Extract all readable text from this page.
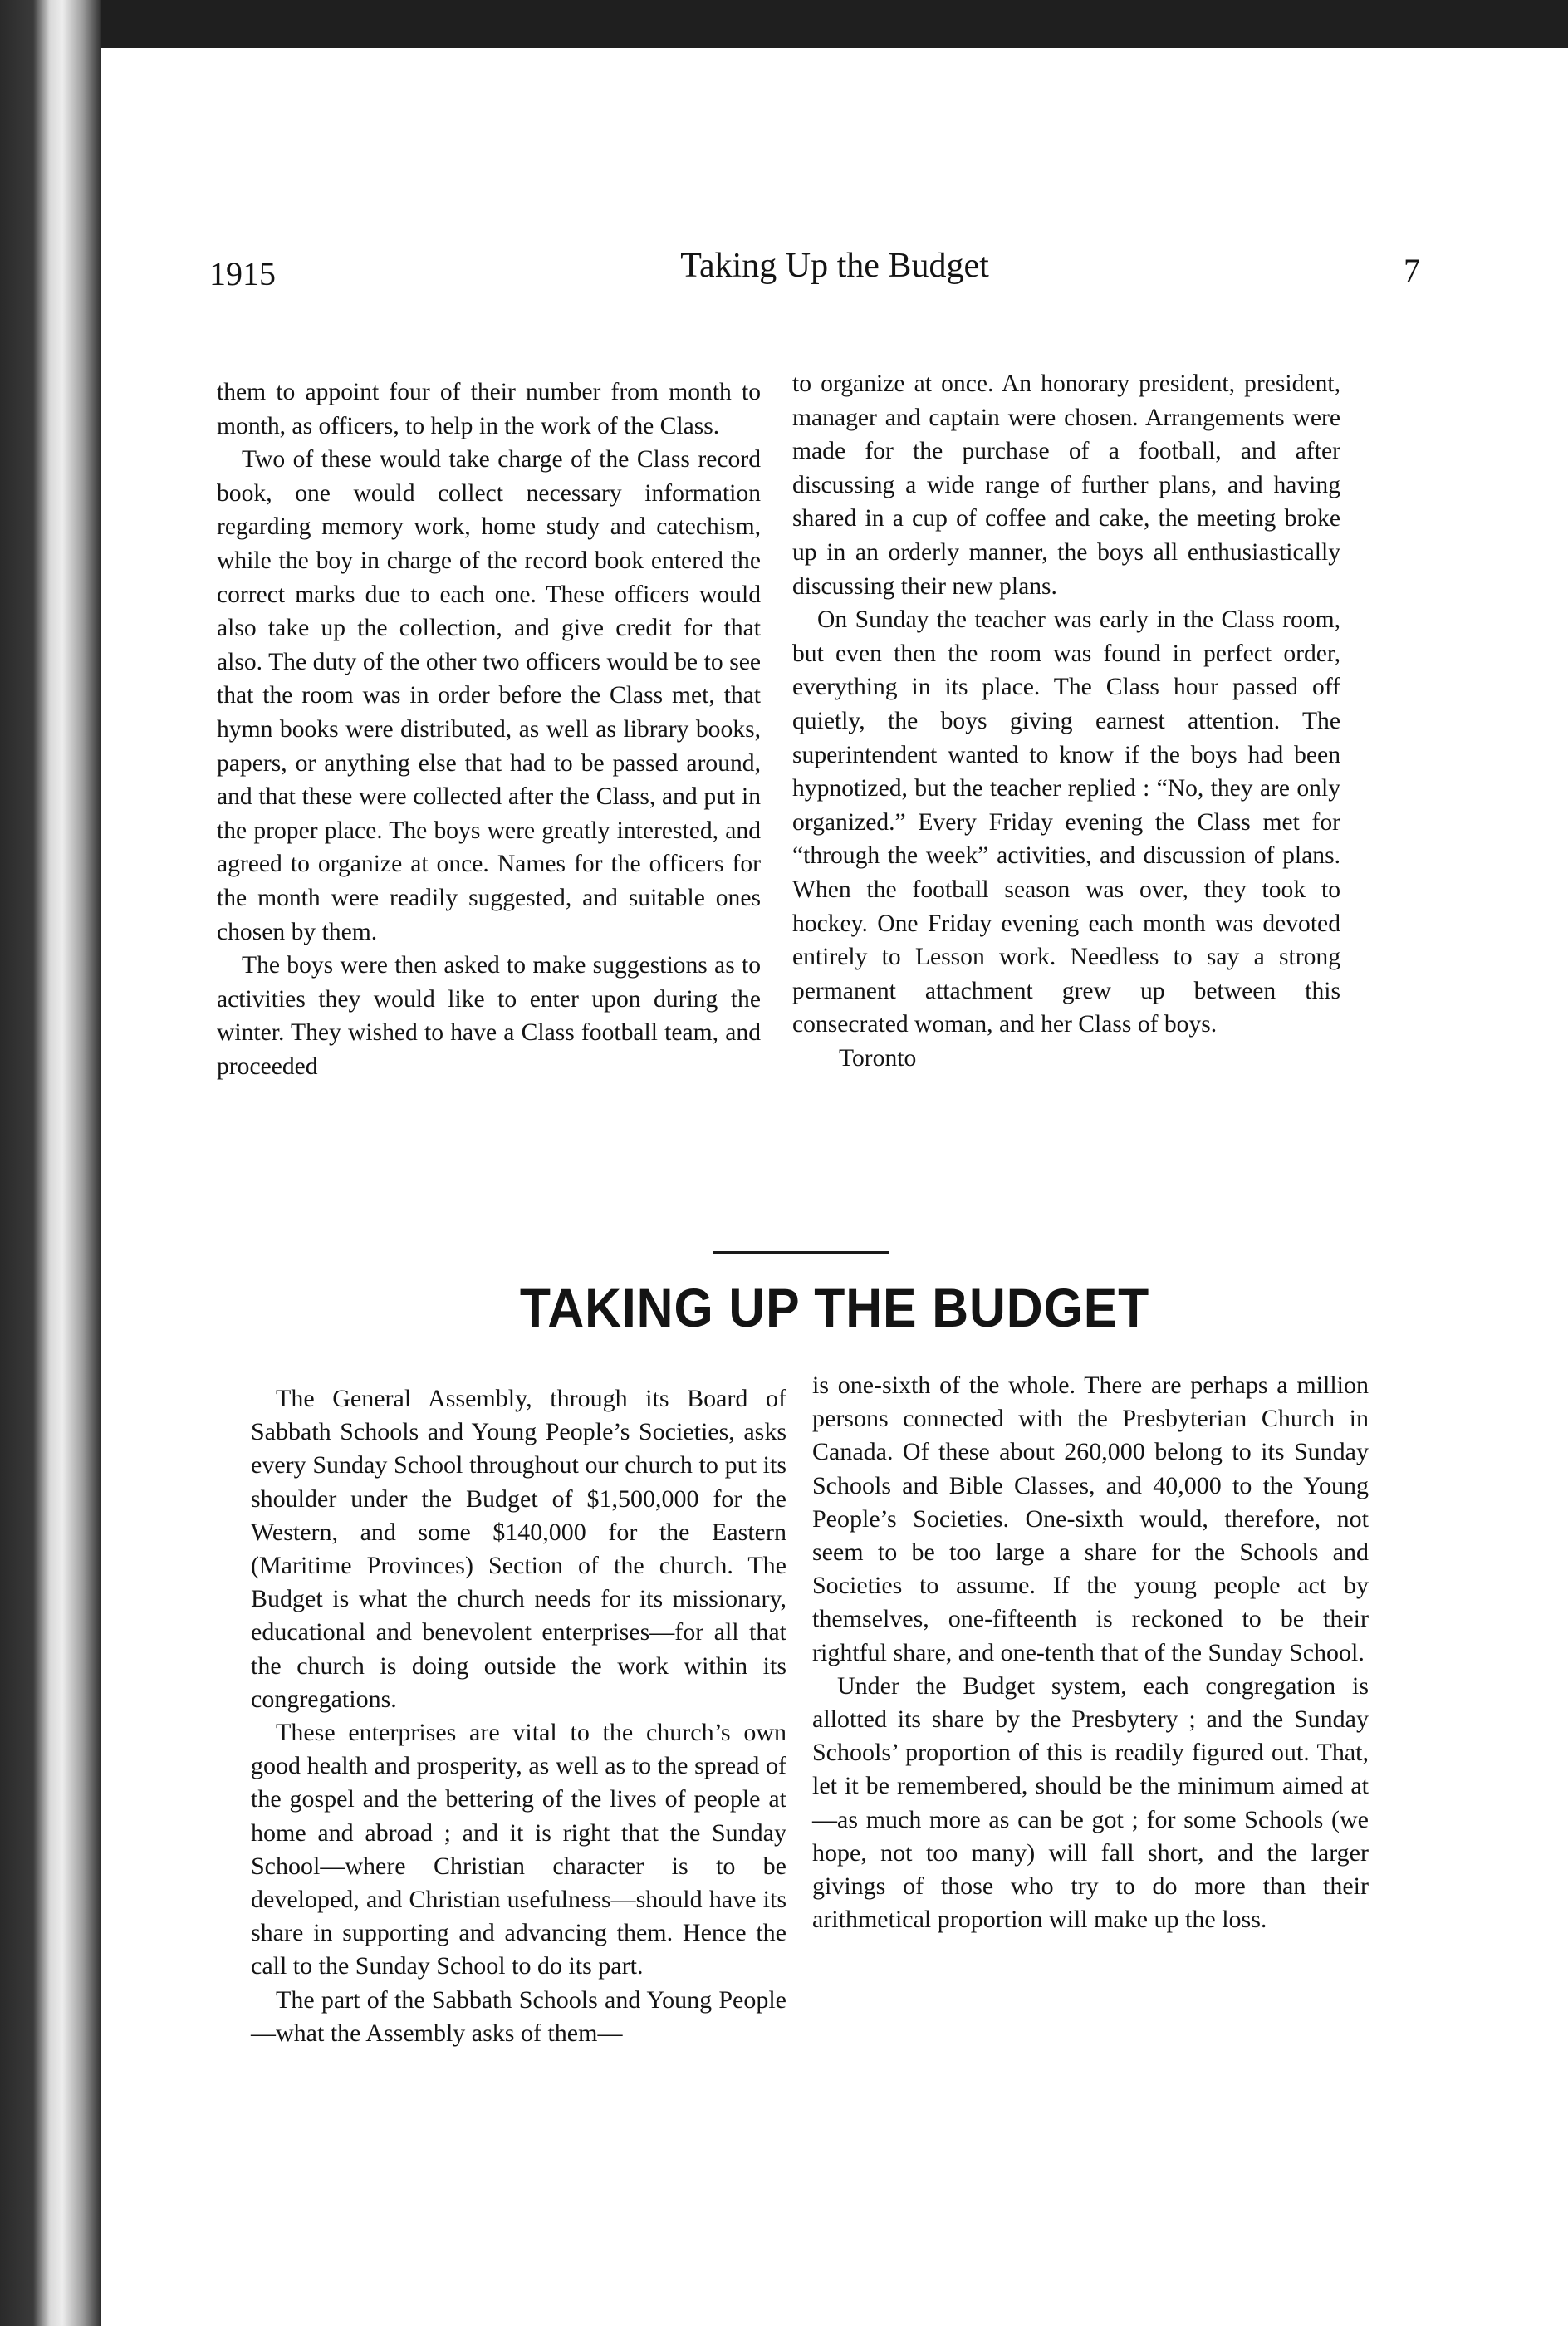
1915	Taking Up the Budget	7

them to appoint four of their number from month to month, as officers, to help in the work of the Class.

Two of these would take charge of the Class record book, one would collect necessary information regarding memory work, home study and catechism, while the boy in charge of the record book entered the correct marks due to each one. These officers would also take up the collection, and give credit for that also. The duty of the other two officers would be to see that the room was in order before the Class met, that hymn books were distributed, as well as library books, papers, or anything else that had to be passed around, and that these were collected after the Class, and put in the proper place. The boys were greatly interested, and agreed to organize at once. Names for the officers for the month were readily suggested, and suitable ones chosen by them.

The boys were then asked to make suggestions as to activities they would like to enter upon during the winter. They wished to have a Class football team, and proceeded

to organize at once. An honorary president, president, manager and captain were chosen. Arrangements were made for the purchase of a football, and after discussing a wide range of further plans, and having shared in a cup of coffee and cake, the meeting broke up in an orderly manner, the boys all enthusiastically discussing their new plans.

On Sunday the teacher was early in the Class room, but even then the room was found in perfect order, everything in its place. The Class hour passed off quietly, the boys giving earnest attention. The superintendent wanted to know if the boys had been hypnotized, but the teacher replied : “No, they are only organized.” Every Friday evening the Class met for “through the week” activities, and discussion of plans. When the football season was over, they took to hockey. One Friday evening each month was devoted entirely to Lesson work. Needless to say a strong permanent attachment grew up between this consecrated woman, and her Class of boys.

Toronto

TAKING UP THE BUDGET

The General Assembly, through its Board of Sabbath Schools and Young People’s Societies, asks every Sunday School throughout our church to put its shoulder under the Budget of $1,500,000 for the Western, and some $140,000 for the Eastern (Maritime Provinces) Section of the church. The Budget is what the church needs for its missionary, educational and benevolent enterprises—for all that the church is doing outside the work within its congregations.

These enterprises are vital to the church’s own good health and prosperity, as well as to the spread of the gospel and the bettering of the lives of people at home and abroad ; and it is right that the Sunday School—where Christian character is to be developed, and Christian usefulness—should have its share in supporting and advancing them. Hence the call to the Sunday School to do its part.

The part of the Sabbath Schools and Young People—what the Assembly asks of them—

is one-sixth of the whole. There are perhaps a million persons connected with the Presbyterian Church in Canada. Of these about 260,000 belong to its Sunday Schools and Bible Classes, and 40,000 to the Young People’s Societies. One-sixth would, therefore, not seem to be too large a share for the Schools and Societies to assume. If the young people act by themselves, one-fifteenth is reckoned to be their rightful share, and one-tenth that of the Sunday School.

Under the Budget system, each congregation is allotted its share by the Presbytery ; and the Sunday Schools’ proportion of this is readily figured out. That, let it be remembered, should be the minimum aimed at —as much more as can be got ; for some Schools (we hope, not too many) will fall short, and the larger givings of those who try to do more than their arithmetical proportion will make up the loss.
